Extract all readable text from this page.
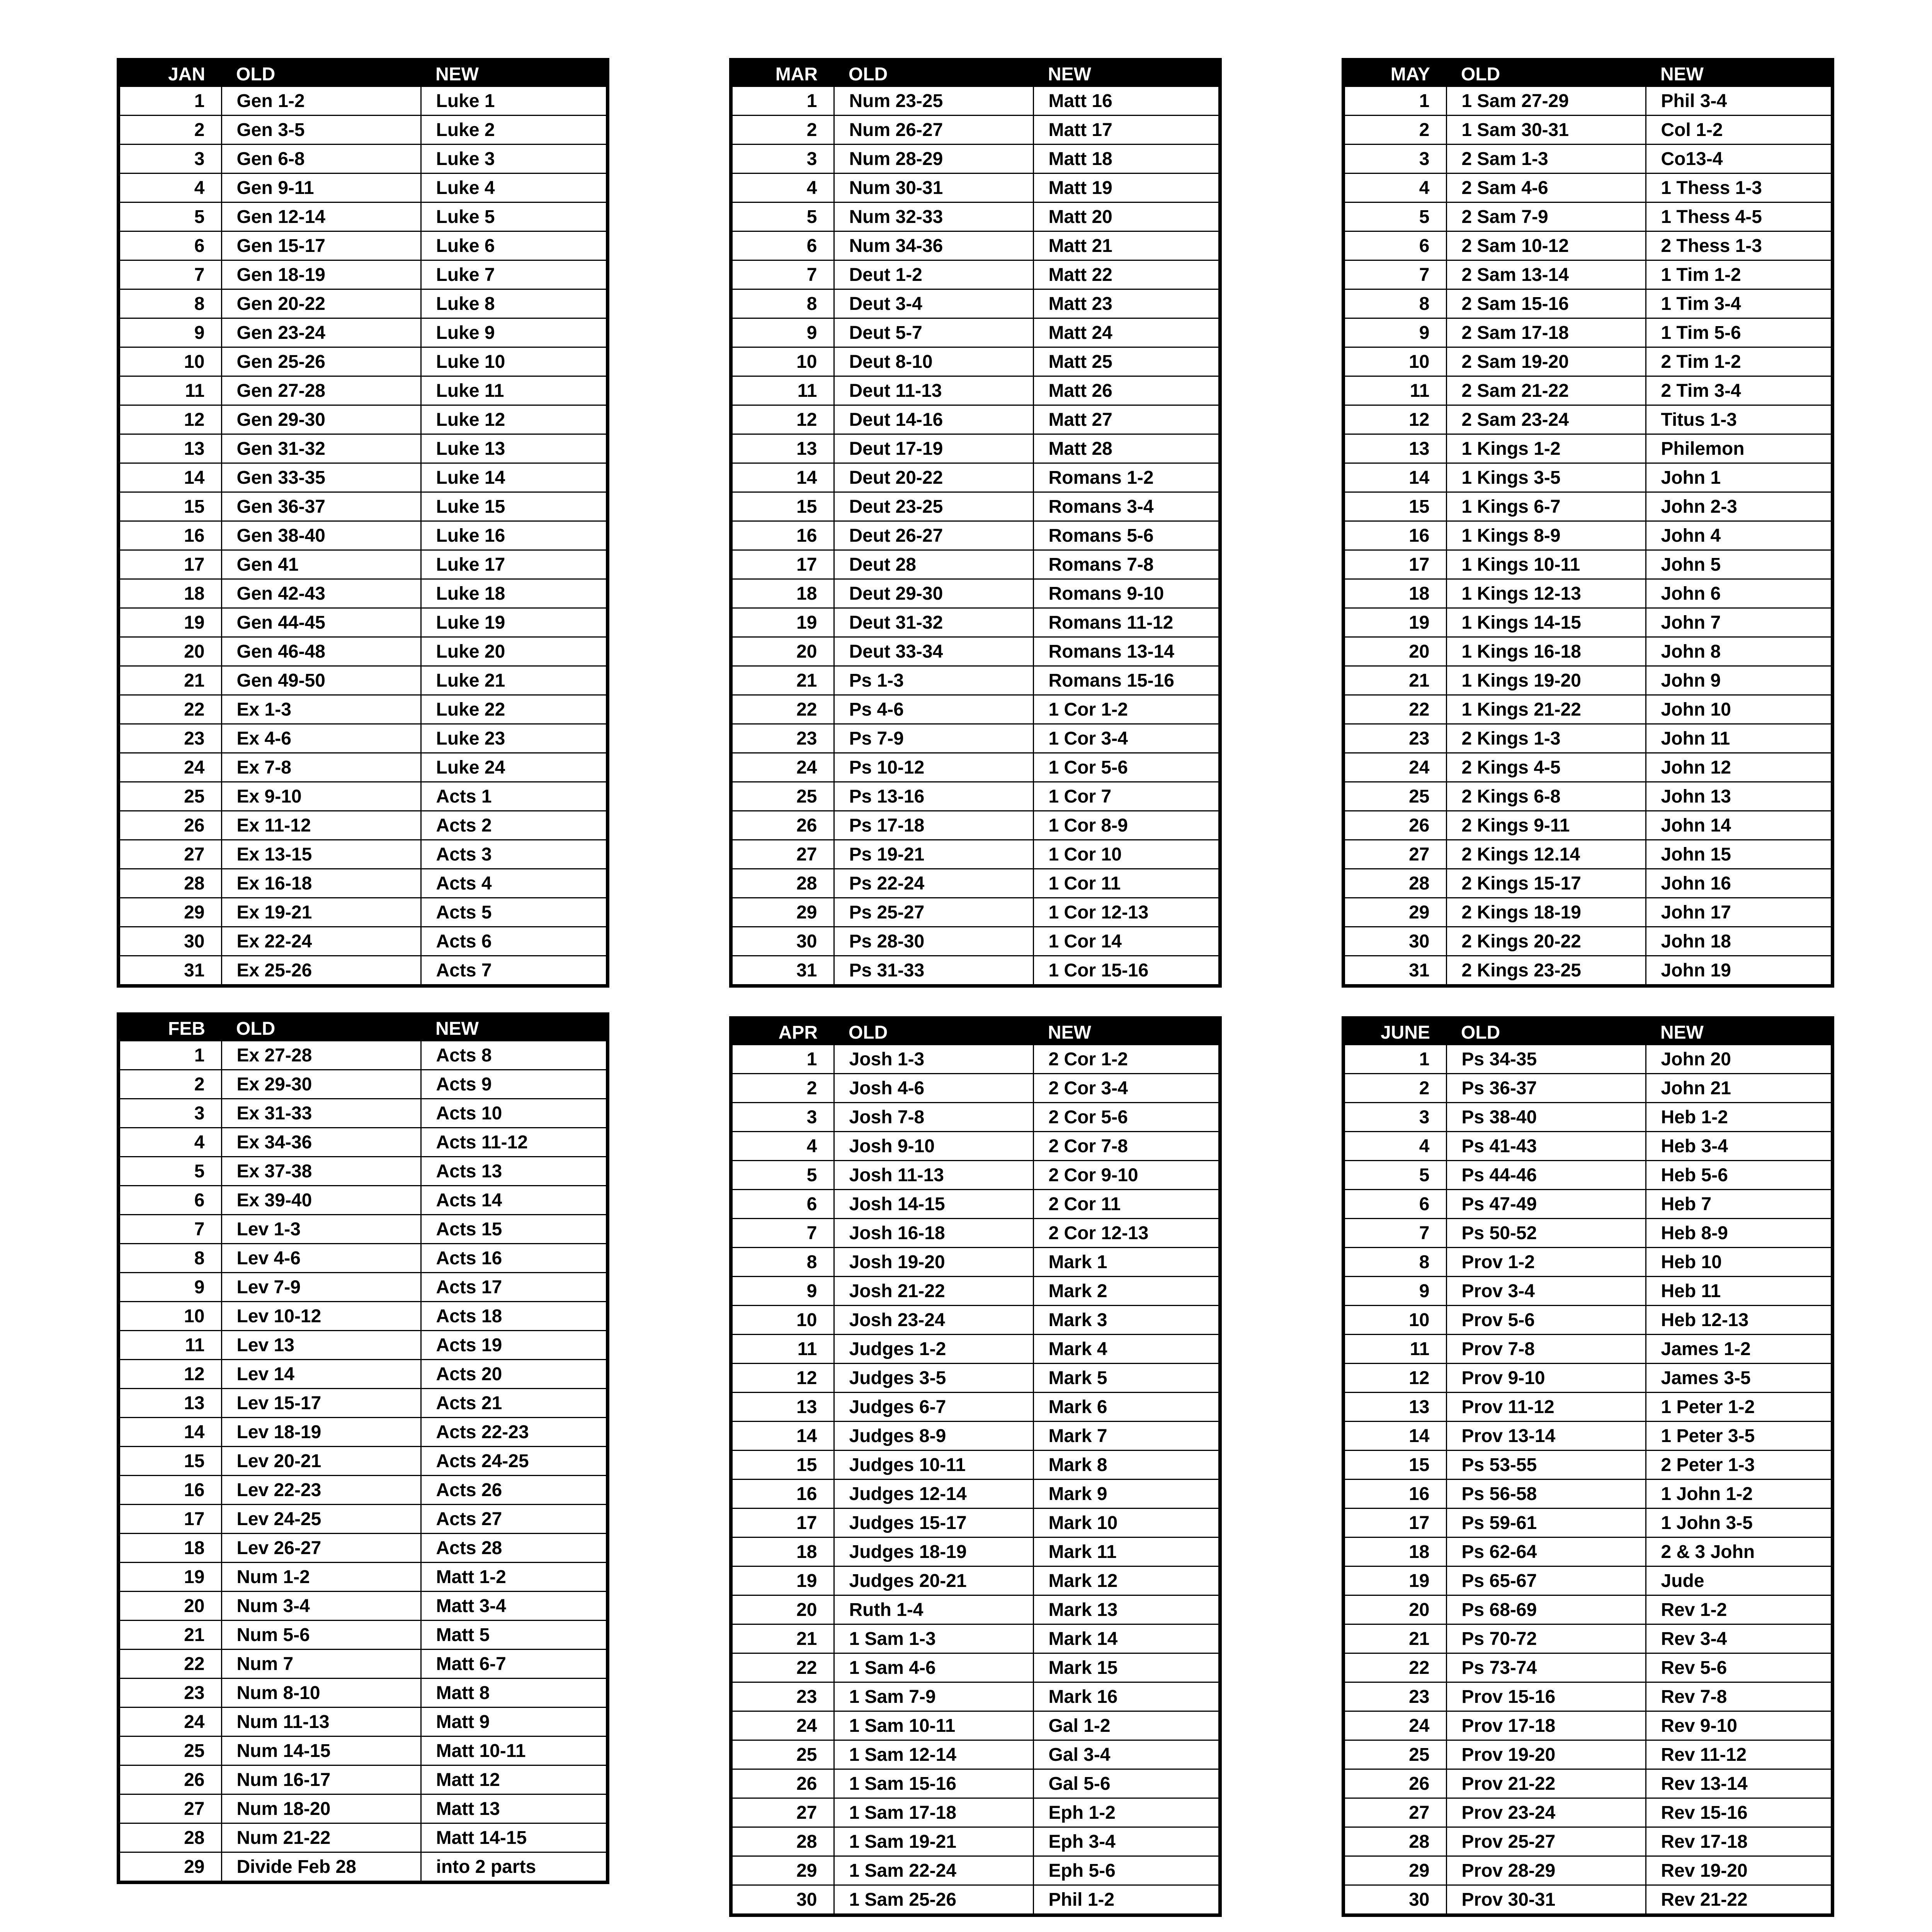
JAN	OLD	NEW
1	Gen 1-2	Luke 1
2	Gen 3-5	Luke 2
3	Gen 6-8	Luke 3
4	Gen 9-11	Luke 4
5	Gen 12-14	Luke 5
6	Gen 15-17	Luke 6
7	Gen 18-19	Luke 7
8	Gen 20-22	Luke 8
9	Gen 23-24	Luke 9
10	Gen 25-26	Luke 10
11	Gen 27-28	Luke 11
12	Gen 29-30	Luke 12
13	Gen 31-32	Luke 13
14	Gen 33-35	Luke 14
15	Gen 36-37	Luke 15
16	Gen 38-40	Luke 16
17	Gen 41	Luke 17
18	Gen 42-43	Luke 18
19	Gen 44-45	Luke 19
20	Gen 46-48	Luke 20
21	Gen 49-50	Luke 21
22	Ex 1-3	Luke 22
23	Ex 4-6	Luke 23
24	Ex 7-8	Luke 24
25	Ex 9-10	Acts 1
26	Ex 11-12	Acts 2
27	Ex 13-15	Acts 3
28	Ex 16-18	Acts 4
29	Ex 19-21	Acts 5
30	Ex 22-24	Acts 6
31	Ex 25-26	Acts 7
FEB	OLD	NEW
1	Ex 27-28	Acts 8
2	Ex 29-30	Acts 9
3	Ex 31-33	Acts 10
4	Ex 34-36	Acts 11-12
5	Ex 37-38	Acts 13
6	Ex 39-40	Acts 14
7	Lev 1-3	Acts 15
8	Lev 4-6	Acts 16
9	Lev 7-9	Acts 17
10	Lev 10-12	Acts 18
11	Lev 13	Acts 19
12	Lev 14	Acts 20
13	Lev 15-17	Acts 21
14	Lev 18-19	Acts 22-23
15	Lev 20-21	Acts 24-25
16	Lev 22-23	Acts 26
17	Lev 24-25	Acts 27
18	Lev 26-27	Acts 28
19	Num 1-2	Matt 1-2
20	Num 3-4	Matt 3-4
21	Num 5-6	Matt 5
22	Num 7	Matt 6-7
23	Num 8-10	Matt 8
24	Num 11-13	Matt 9
25	Num 14-15	Matt 10-11
26	Num 16-17	Matt 12
27	Num 18-20	Matt 13
28	Num 21-22	Matt 14-15
29	Divide Feb 28	into 2 parts
MAR	OLD	NEW
1	Num 23-25	Matt 16
2	Num 26-27	Matt 17
3	Num 28-29	Matt 18
4	Num 30-31	Matt 19
5	Num 32-33	Matt 20
6	Num 34-36	Matt 21
7	Deut 1-2	Matt 22
8	Deut 3-4	Matt 23
9	Deut 5-7	Matt 24
10	Deut 8-10	Matt 25
11	Deut 11-13	Matt 26
12	Deut 14-16	Matt 27
13	Deut 17-19	Matt 28
14	Deut 20-22	Romans 1-2
15	Deut 23-25	Romans 3-4
16	Deut 26-27	Romans 5-6
17	Deut 28	Romans 7-8
18	Deut 29-30	Romans 9-10
19	Deut 31-32	Romans 11-12
20	Deut 33-34	Romans 13-14
21	Ps 1-3	Romans 15-16
22	Ps 4-6	1 Cor 1-2
23	Ps 7-9	1 Cor 3-4
24	Ps 10-12	1 Cor 5-6
25	Ps 13-16	1 Cor 7
26	Ps 17-18	1 Cor 8-9
27	Ps 19-21	1 Cor 10
28	Ps 22-24	1 Cor 11
29	Ps 25-27	1 Cor 12-13
30	Ps 28-30	1 Cor 14
31	Ps 31-33	1 Cor 15-16
APR	OLD	NEW
1	Josh 1-3	2 Cor 1-2
2	Josh 4-6	2 Cor 3-4
3	Josh 7-8	2 Cor 5-6
4	Josh 9-10	2 Cor 7-8
5	Josh 11-13	2 Cor 9-10
6	Josh 14-15	2 Cor 11
7	Josh 16-18	2 Cor 12-13
8	Josh 19-20	Mark 1
9	Josh 21-22	Mark 2
10	Josh 23-24	Mark 3
11	Judges 1-2	Mark 4
12	Judges 3-5	Mark 5
13	Judges 6-7	Mark 6
14	Judges 8-9	Mark 7
15	Judges 10-11	Mark 8
16	Judges 12-14	Mark 9
17	Judges 15-17	Mark 10
18	Judges 18-19	Mark 11
19	Judges 20-21	Mark 12
20	Ruth 1-4	Mark 13
21	1 Sam 1-3	Mark 14
22	1 Sam 4-6	Mark 15
23	1 Sam 7-9	Mark 16
24	1 Sam 10-11	Gal 1-2
25	1 Sam 12-14	Gal 3-4
26	1 Sam 15-16	Gal 5-6
27	1 Sam 17-18	Eph 1-2
28	1 Sam 19-21	Eph 3-4
29	1 Sam 22-24	Eph 5-6
30	1 Sam 25-26	Phil 1-2
MAY	OLD	NEW
1	1 Sam 27-29	Phil 3-4
2	1 Sam 30-31	Col 1-2
3	2 Sam 1-3	Co13-4
4	2 Sam 4-6	1 Thess 1-3
5	2 Sam 7-9	1 Thess 4-5
6	2 Sam 10-12	2 Thess 1-3
7	2 Sam 13-14	1 Tim 1-2
8	2 Sam 15-16	1 Tim 3-4
9	2 Sam 17-18	1 Tim 5-6
10	2 Sam 19-20	2 Tim 1-2
11	2 Sam 21-22	2 Tim 3-4
12	2 Sam 23-24	Titus 1-3
13	1 Kings 1-2	Philemon
14	1 Kings 3-5	John 1
15	1 Kings 6-7	John 2-3
16	1 Kings 8-9	John 4
17	1 Kings 10-11	John 5
18	1 Kings 12-13	John 6
19	1 Kings 14-15	John 7
20	1 Kings 16-18	John 8
21	1 Kings 19-20	John 9
22	1 Kings 21-22	John 10
23	2 Kings 1-3	John 11
24	2 Kings 4-5	John 12
25	2 Kings 6-8	John 13
26	2 Kings 9-11	John 14
27	2 Kings 12.14	John 15
28	2 Kings 15-17	John 16
29	2 Kings 18-19	John 17
30	2 Kings 20-22	John 18
31	2 Kings 23-25	John 19
JUNE	OLD	NEW
1	Ps 34-35	John 20
2	Ps 36-37	John 21
3	Ps 38-40	Heb 1-2
4	Ps 41-43	Heb 3-4
5	Ps 44-46	Heb 5-6
6	Ps 47-49	Heb 7
7	Ps 50-52	Heb 8-9
8	Prov 1-2	Heb 10
9	Prov 3-4	Heb 11
10	Prov 5-6	Heb 12-13
11	Prov 7-8	James 1-2
12	Prov 9-10	James 3-5
13	Prov 11-12	1 Peter 1-2
14	Prov 13-14	1 Peter 3-5
15	Ps 53-55	2 Peter 1-3
16	Ps 56-58	1 John 1-2
17	Ps 59-61	1 John 3-5
18	Ps 62-64	2 & 3 John
19	Ps 65-67	Jude
20	Ps 68-69	Rev 1-2
21	Ps 70-72	Rev 3-4
22	Ps 73-74	Rev 5-6
23	Prov 15-16	Rev 7-8
24	Prov 17-18	Rev 9-10
25	Prov 19-20	Rev 11-12
26	Prov 21-22	Rev 13-14
27	Prov 23-24	Rev 15-16
28	Prov 25-27	Rev 17-18
29	Prov 28-29	Rev 19-20
30	Prov 30-31	Rev 21-22
